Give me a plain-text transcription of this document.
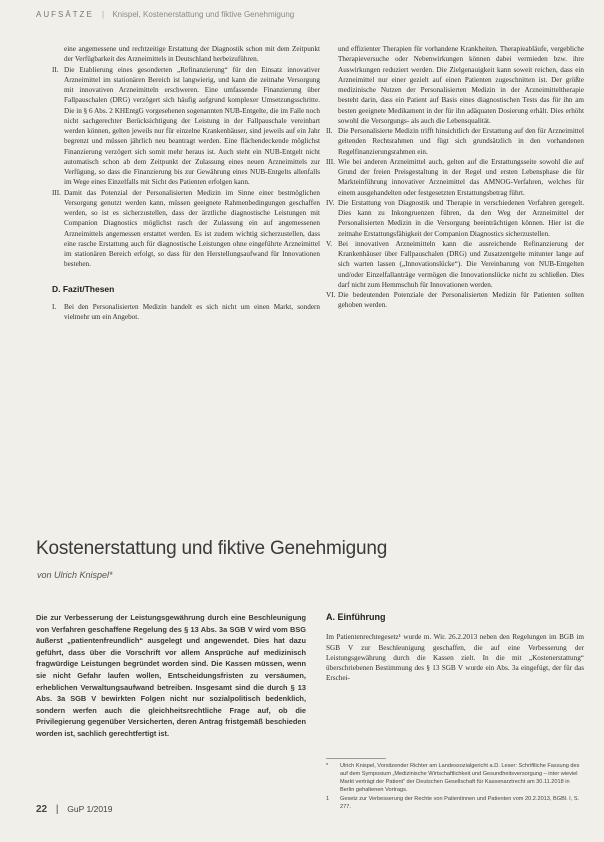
AUFSÄTZE | Knispel, Kostenerstattung und fiktive Genehmigung

eine angemessene und rechtzeitige Erstattung der Diagnostik schon mit dem Zeitpunkt der Verfügbarkeit des Arzneimittels in Deutschland herbeizuführen.

II. Die Etablierung eines gesonderten „Refinanzierung“ für den Einsatz innovativer Arzneimittel im stationären Bereich ist langwierig, und kann die zeitnahe Versorgung mit innovativen Arzneimitteln erschweren. Eine umfassende Finanzierung über Fallpauschalen (DRG) verzögert sich häufig aufgrund komplexer Umsetzungsschritte. Die in § 6 Abs. 2 KHEntgG vorgesehenen sogenannten NUB-Entgelte, die im Falle noch nicht sachgerechter Berücksichtigung der Leistung in der Fallpauschale vereinbart werden können, gelten jeweils nur für einzelne Krankenhäuser, sind jeweils auf ein Jahr begrenzt und müssen jährlich neu beantragt werden. Eine flächendeckende möglichst Finanzierung verzögert sich somit mehr heraus ist. Auch steht ein NUB-Entgelt nicht automatisch schon ab dem Zeitpunkt der Zulassung eines neuen Arzneimittels zur Verfügung, so dass die Finanzierung bis zur Gewährung eines NUB-Entgelts allenfalls im Wege eines Einzelfalls mit Sicht des Patienten erfolgen kann.
III. Damit das Potenzial der Personalisierten Medizin im Sinne einer bestmöglichen Versorgung genutzt werden kann, müssen geeignete Rahmenbedingungen geschaffen werden, so ist es sicherzustellen, dass der ärztliche diagnostische Leistungen mit Companion Diagnostics möglichst rasch der Zulassung ein auf angemessenen Arzneimittels angemessen erstattet werden. Es ist zudem wichtig sicherzustellen, dass eine rasche Erstattung auch für diagnostische Leistungen ohne eingeführte Arzneimittel im stationären Bereich erfolgt, so dass für den Herstellungsaufwand für Innovationen bestehen.
D. Fazit/Thesen
I. Bei den Personalisierten Medizin handelt es sich nicht um einen Markt, sondern vielmehr um ein Angebot.

und effizienter Therapien für vorhandene Krankheiten. Therapieabläufe, vergebliche Therapieversuche oder Nebenwirkungen können dabei vermieden bzw. ihre Auswirkungen reduziert werden. Die Zielgenauigkeit kann soweit reichen, dass ein Arzneimittel nur einer gezielt auf einen Patienten zugeschnitten ist. Der größte medizinische Nutzen der Personalisierten Medizin in der Arzneimitteltherapie besteht darin, dass ein Patient auf Basis eines diagnostischen Tests das für ihn am besten geeignete Medikament in der für ihn adäquaten Dosierung erhält. Dies erhöht sowohl die Versorgungs- als auch die Lebensqualität.

II. Die Personalisierte Medizin trifft hinsichtlich der Erstattung auf den für Arzneimittel geltenden Rechtsrahmen und fügt sich grundsätzlich in den vorhandenen Regelfinanzierungsrahmen ein.
III. Wie bei anderen Arzneimittel auch, gelten auf die Erstattungsseite sowohl die auf Grund der freien Preisgestaltung in der Regel und ersten Lebensphase die für Markteinführung innovativer Arzneimittel das AMNOG-Verfahren, welches für einem ausgehandelten oder festgesetzten Erstattungsbetrag führt.
IV. Die Erstattung von Diagnostik und Therapie in verschiedenen Verfahren geregelt. Dies kann zu Inkongruenzen führen, da den Weg der Arzneimittel der Personalisierten Medizin in die Versorgung beeinträchtigen können. Hier ist die zeitnahe Erstattungsfähigkeit der Companion Diagnostics sicherzustellen.
V. Bei innovativen Arzneimitteln kann die ausreichende Refinanzierung der Krankenhäuser über Fallpauschalen (DRG) und Zusatzentgelte mitunter lange auf sich warten lassen („Innovationslücke“). Die Vereinbarung von NUB-Entgelten und/oder Einzelfallanträge vermögen die Innovationslücke nicht zu schließen. Dies darf nicht zum Hemmschuh für Innovationen werden.
VI. Die bedeutenden Potenziale der Personalisierten Medizin für Patienten sollten gehoben werden.
Kostenerstattung und fiktive Genehmigung
von Ulrich Knispel*
Die zur Verbesserung der Leistungsgewährung durch eine Beschleunigung von Verfahren geschaffene Regelung des § 13 Abs. 3a SGB V wird vom BSG äußerst „patientenfreundlich“ ausgelegt und angewendet. Dies hat dazu geführt, dass über die Vorschrift vor allem Ansprüche auf medizinisch fragwürdige Leistungen begründet worden sind. Die Kassen müssen, wenn sie nicht Gefahr laufen wollen, Entscheidungsfristen zu versäumen, erheblichen Verwaltungsaufwand betreiben. Insgesamt sind die durch § 13 Abs. 3a SGB V bewirkten Folgen nicht nur sozialpolitisch bedenklich, sondern werfen auch die gleichheitsrechtliche Frage auf, ob die Privilegierung gegenüber Versicherten, deren Antrag fristgemäß beschieden worden ist, sachlich gerechtfertigt ist.
A. Einführung

Im Patientenrechtegesetz¹ wurde m. Wir. 26.2.2013 neben den Regelungen im BGB im SGB V zur Beschleunigung geschaffen, die auf eine Verbesserung der Leistungsgewährung durch die Kassen zielt. In die mit „Kostenerstattung“ überschriebenen Bestimmung des § 13 SGB V wurde ein Abs. 3a eingefügt, der für das Erschei-

* Ulrich Knispel, Vorsitzender Richter am Landessozialgericht a.D. Leser: Schriftliche Fassung des auf dem Symposium „Medizinische Wirtschaftlichkeit und Gesundheitsversorgung – inter wieviel Markt verträgt der Patient“ der Deutschen Gesellschaft für Kassenarztrecht am 30.11.2018 in Berlin gehaltenen Vortrags.
1 Gesetz zur Verbesserung der Rechte von Patientinnen und Patienten vom 20.2.2013, BGBl. I, S. 277.
22 | GuP 1/2019
